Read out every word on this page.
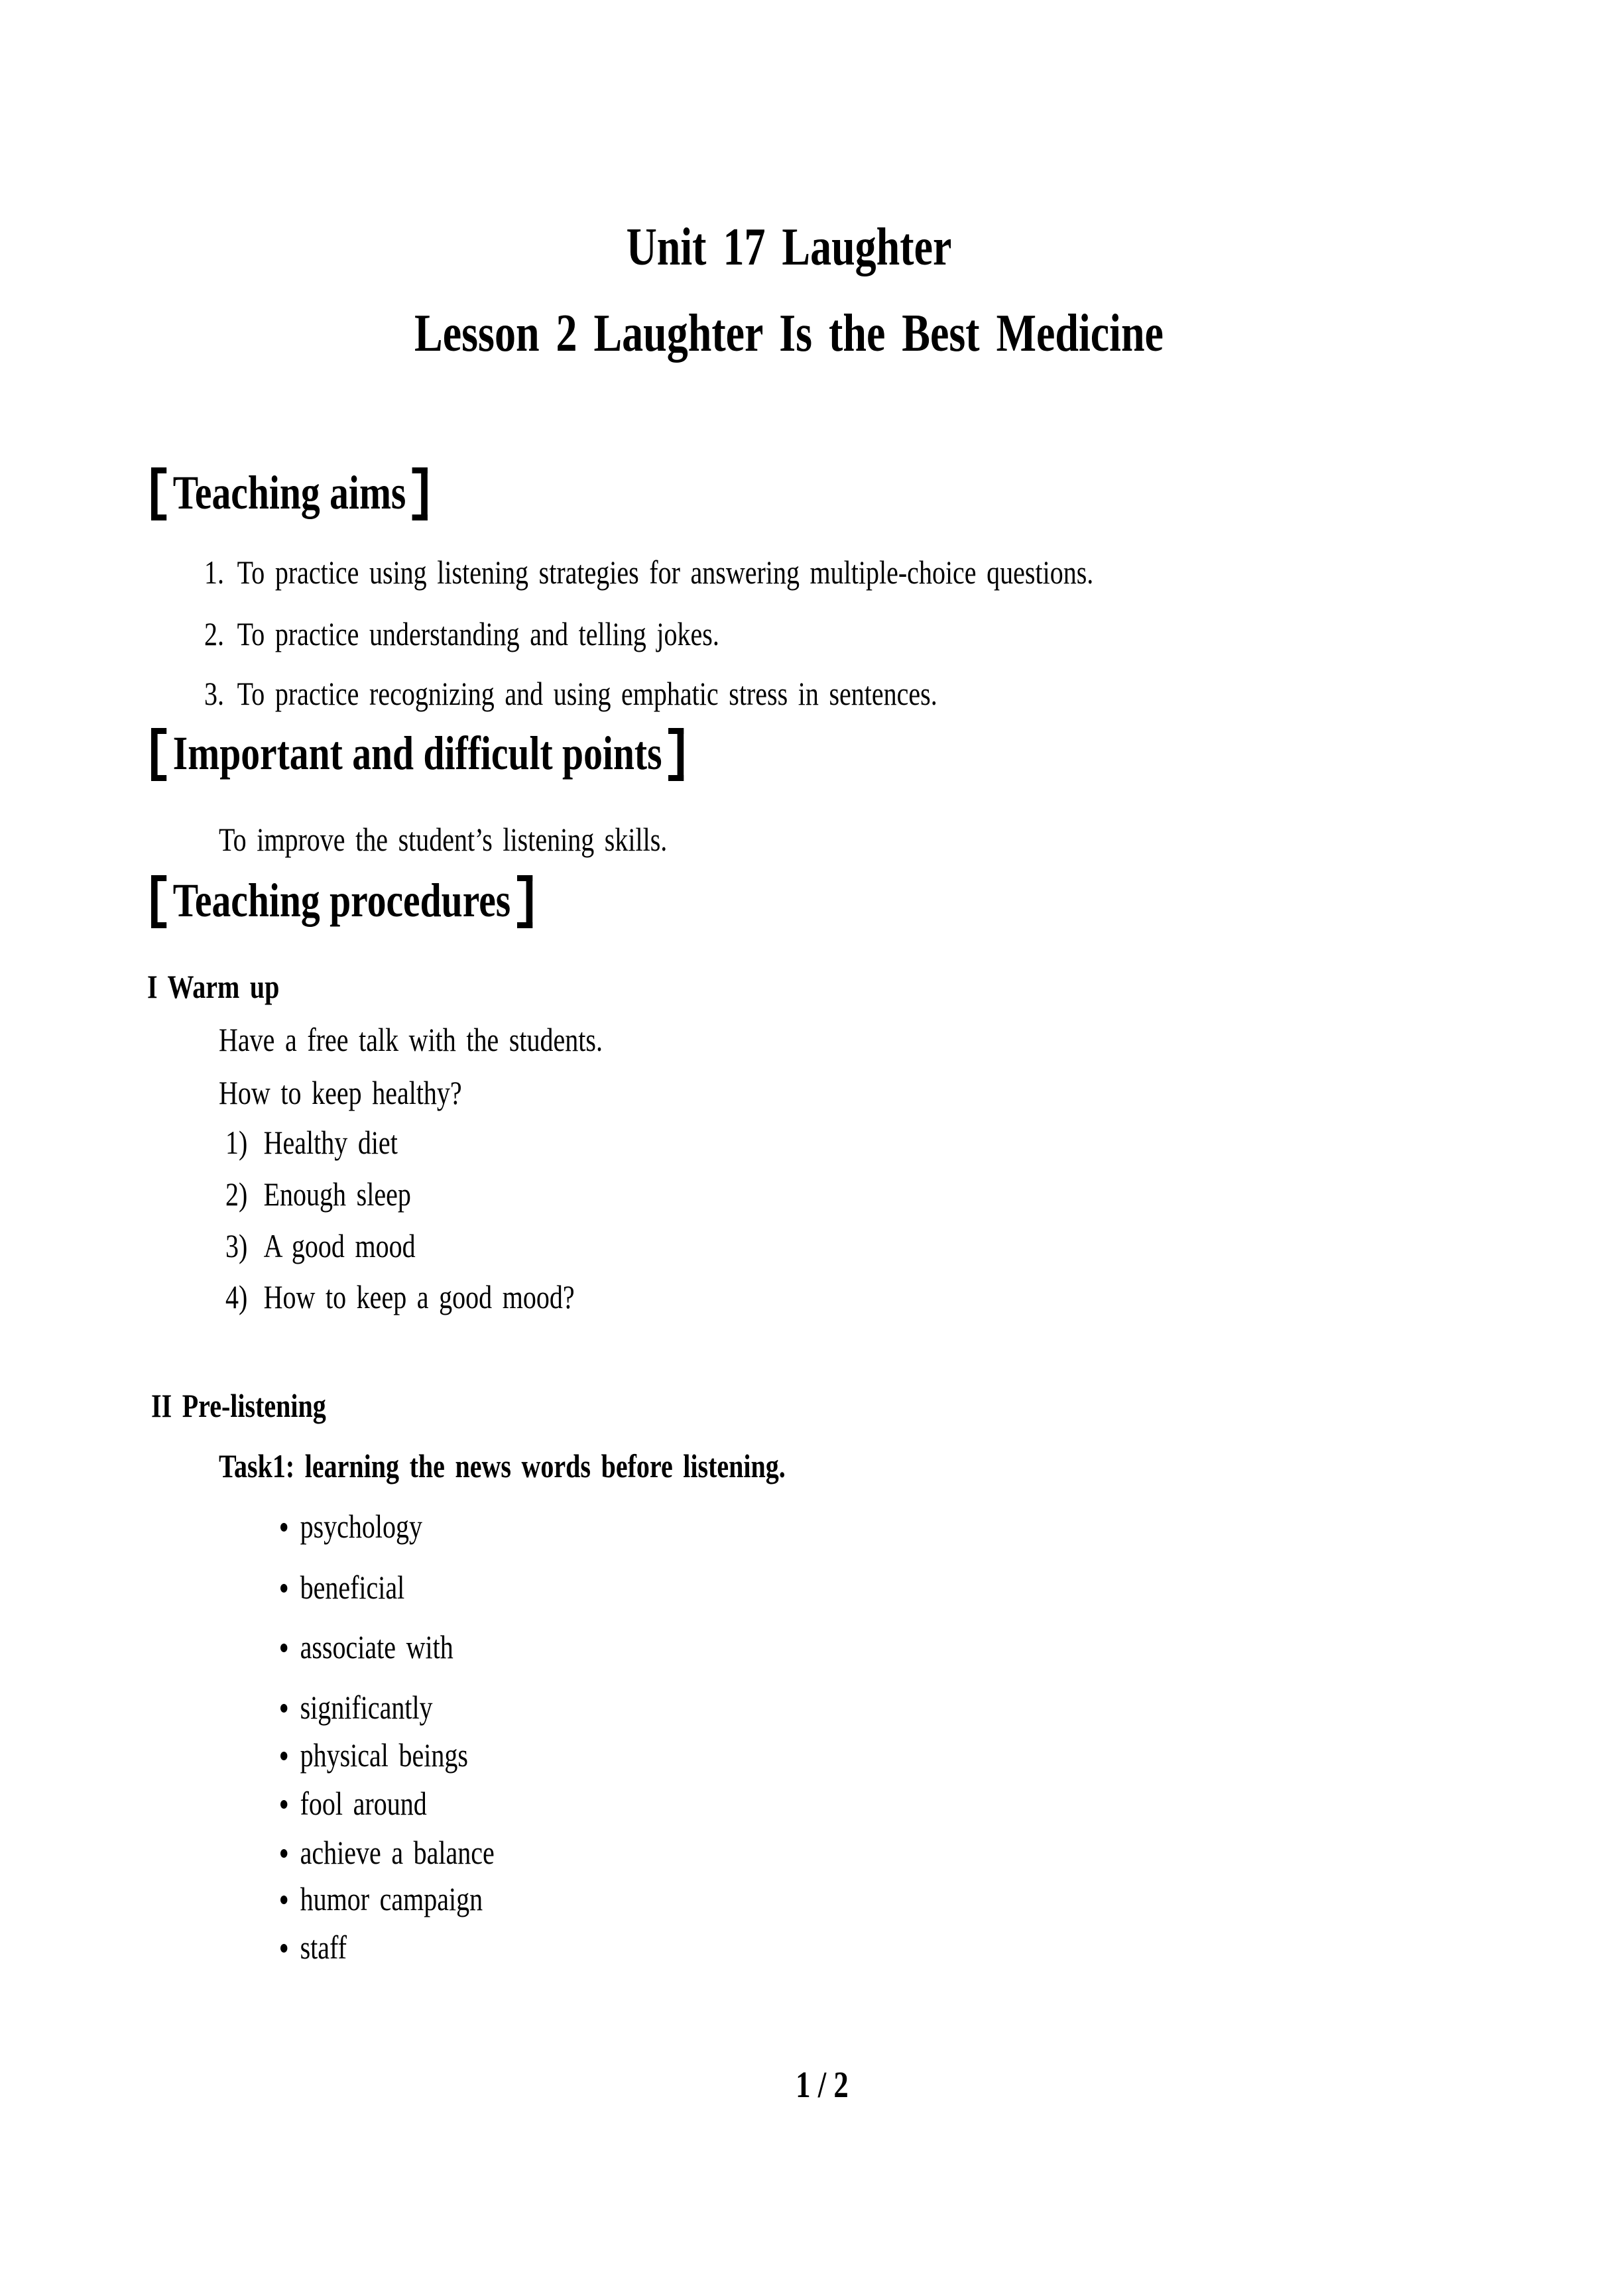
Unit 17 Laughter
Lesson 2 Laughter Is the Best Medicine
Teaching aims
1. To practice using listening strategies for answering multiple-choice questions.
2. To practice understanding and telling jokes.
3. To practice recognizing and using emphatic stress in sentences.
Important and difficult points
To improve the student’s listening skills.
Teaching procedures
I Warm up
Have a free talk with the students.
How to keep healthy?
1) Healthy diet
2) Enough sleep
3) A good mood
4) How to keep a good mood?
II Pre-listening
Task1: learning the news words before listening.
psychology
beneficial
associate with
significantly
physical beings
fool around
achieve a balance
humor campaign
staff
1 / 2
